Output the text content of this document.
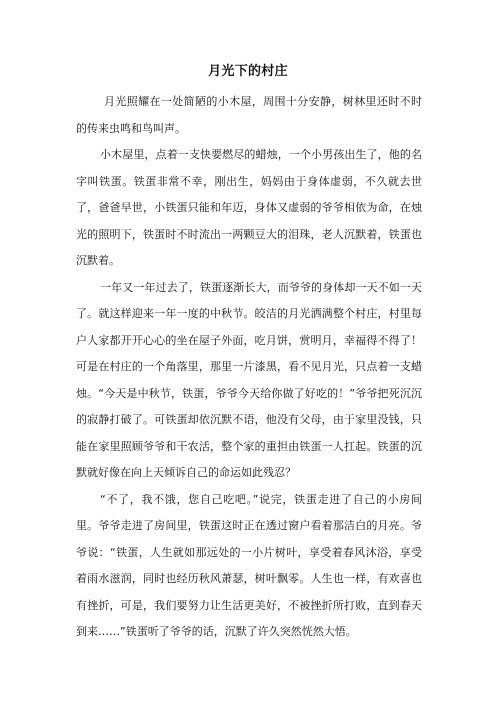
月光下的村庄

月光照耀在一处简陋的小木屋，周围十分安静，树林里还时不时的传来虫鸣和鸟叫声。

小木屋里，点着一支快要燃尽的蜡烛，一个小男孩出生了，他的名字叫铁蛋。铁蛋非常不幸，刚出生，妈妈由于身体虚弱，不久就去世了，爸爸早世，小铁蛋只能和年迈，身体又虚弱的爷爷相依为命，在烛光的照明下，铁蛋时不时流出一两颗豆大的泪珠，老人沉默着，铁蛋也沉默着。

一年又一年过去了，铁蛋逐渐长大，而爷爷的身体却一天不如一天了。就这样迎来一年一度的中秋节。皎洁的月光洒满整个村庄，村里每户人家都开开心心的坐在屋子外面，吃月饼，赏明月，幸福得不得了！可是在村庄的一个角落里，那里一片漆黑，看不见月光，只点着一支蜡烛。“今天是中秋节，铁蛋，爷爷今天给你做了好吃的！”爷爷把死沉沉的寂静打破了。可铁蛋却依沉默不语，他没有父母，由于家里没钱，只能在家里照顾爷爷和干农活，整个家的重担由铁蛋一人扛起。铁蛋的沉默就好像在向上天倾诉自己的命运如此残忍？

“不了，我不饿，您自己吃吧。”说完，铁蛋走进了自己的小房间里。爷爷走进了房间里，铁蛋这时正在透过窗户看着那洁白的月亮。爷爷说：“铁蛋，人生就如那远处的一小片树叶，享受着春风沐浴，享受着雨水滋润，同时也经历秋风萧瑟，树叶飘零。人生也一样，有欢喜也有挫折，可是，我们要努力让生活更美好，不被挫折所打败，直到春天到来……”铁蛋听了爷爷的话，沉默了许久突然恍然大悟。
